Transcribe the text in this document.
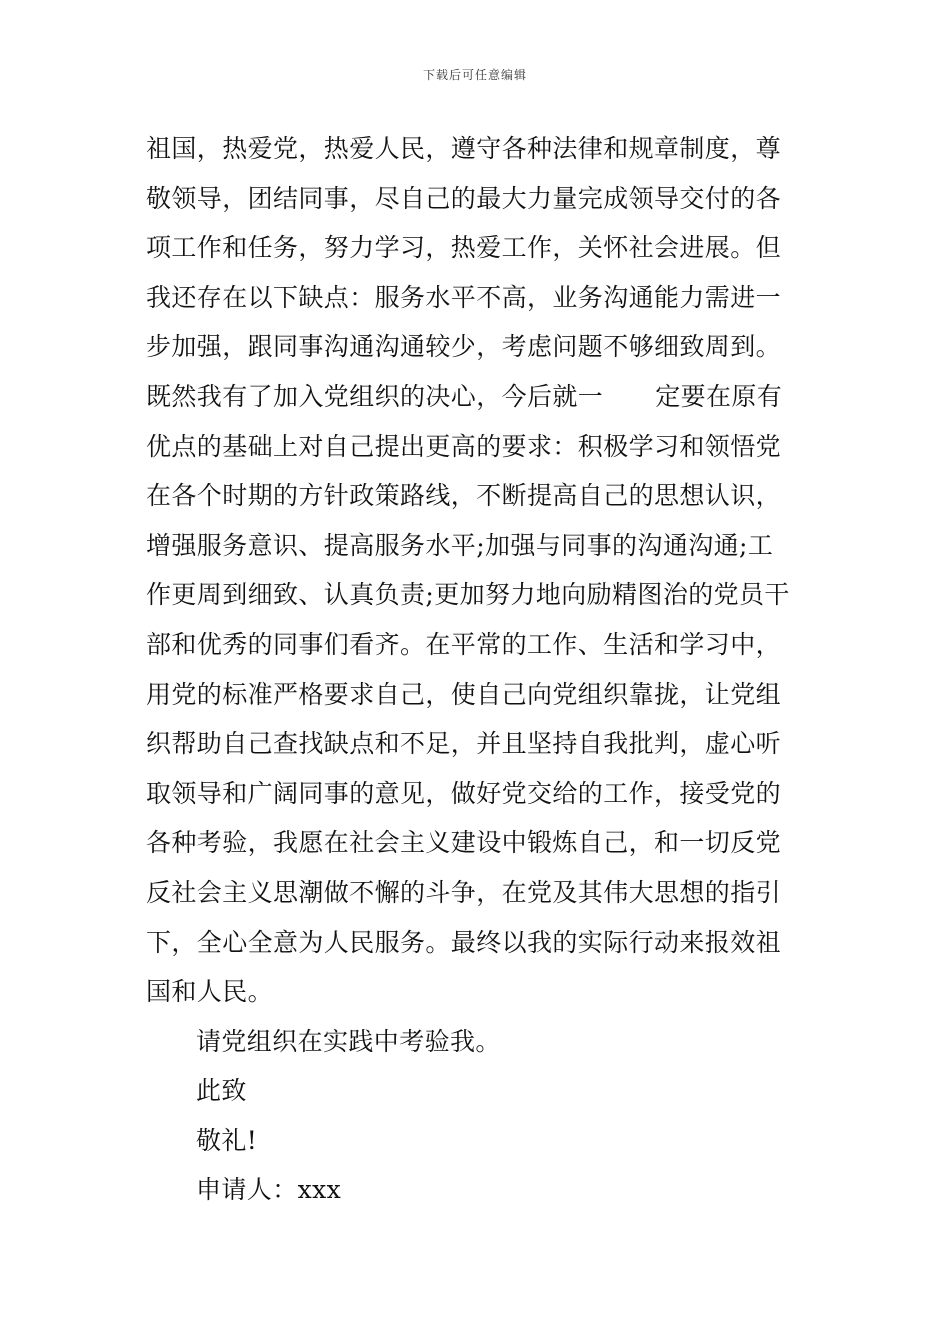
下载后可任意编辑
祖国，热爱党，热爱人民，遵守各种法律和规章制度，尊
敬领导，团结同事，尽自己的最大力量完成领导交付的各
项工作和任务，努力学习，热爱工作，关怀社会进展。但
我还存在以下缺点：服务水平不高，业务沟通能力需进一
步加强，跟同事沟通沟通较少，考虑问题不够细致周到。
既然我有了加入党组织的决心，今后就一 定要在原有
优点的基础上对自己提出更高的要求：积极学习和领悟党
在各个时期的方针政策路线，不断提高自己的思想认识，
增强服务意识、提高服务水平;加强与同事的沟通沟通;工
作更周到细致、认真负责;更加努力地向励精图治的党员干
部和优秀的同事们看齐。在平常的工作、生活和学习中，
用党的标准严格要求自己，使自己向党组织靠拢，让党组
织帮助自己查找缺点和不足，并且坚持自我批判，虚心听
取领导和广阔同事的意见，做好党交给的工作，接受党的
各种考验，我愿在社会主义建设中锻炼自己，和一切反党
反社会主义思潮做不懈的斗争，在党及其伟大思想的指引
下，全心全意为人民服务。最终以我的实际行动来报效祖
国和人民。
请党组织在实践中考验我。
此致
敬礼!
申请人：xxx
